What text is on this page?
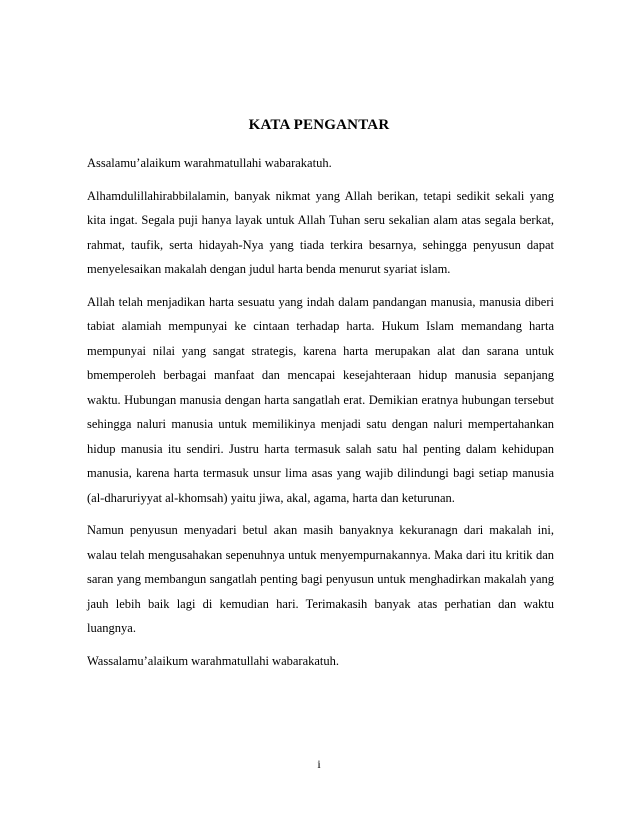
KATA PENGANTAR

Assalamu’alaikum warahmatullahi wabarakatuh.

Alhamdulillahirabbilalamin, banyak nikmat yang Allah berikan, tetapi sedikit sekali yang kita ingat. Segala puji hanya layak untuk Allah Tuhan seru sekalian alam atas segala berkat, rahmat, taufik, serta hidayah-Nya yang tiada terkira besarnya, sehingga penyusun dapat menyelesaikan makalah dengan judul harta benda menurut syariat islam.

Allah telah menjadikan harta sesuatu yang indah dalam pandangan manusia, manusia diberi tabiat alamiah mempunyai ke cintaan terhadap harta. Hukum Islam memandang harta mempunyai nilai yang sangat strategis, karena harta merupakan alat dan sarana untuk bmemperoleh berbagai manfaat dan mencapai kesejahteraan hidup manusia sepanjang waktu. Hubungan manusia dengan harta sangatlah erat. Demikian eratnya hubungan tersebut sehingga naluri manusia untuk memilikinya menjadi satu dengan naluri mempertahankan hidup manusia itu sendiri. Justru harta termasuk salah satu hal penting dalam kehidupan manusia, karena harta termasuk unsur lima asas yang wajib dilindungi bagi setiap manusia (al-dharuriyyat al-khomsah) yaitu jiwa, akal, agama, harta dan keturunan.

Namun penyusun menyadari betul akan masih banyaknya kekuranagn dari makalah ini, walau telah mengusahakan sepenuhnya untuk menyempurnakannya. Maka dari itu kritik dan saran yang membangun sangatlah penting bagi penyusun untuk menghadirkan makalah yang jauh lebih baik lagi di kemudian hari. Terimakasih banyak atas perhatian dan waktu luangnya.

Wassalamu’alaikum warahmatullahi wabarakatuh.

i
